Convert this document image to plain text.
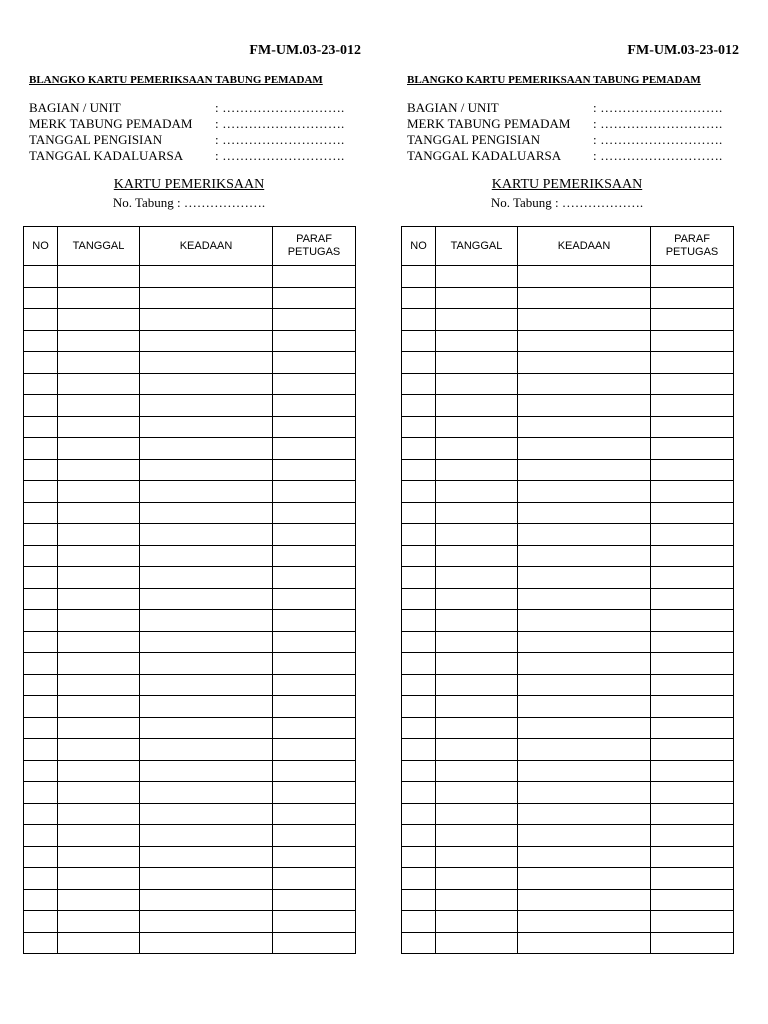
FM-UM.03-23-012
BLANGKO KARTU PEMERIKSAAN TABUNG PEMADAM
BAGIAN / UNIT	: ……………………….
MERK TABUNG PEMADAM	: ……………………….
TANGGAL PENGISIAN	: ……………………….
TANGGAL KADALUARSA	: ……………………….
KARTU PEMERIKSAAN
No. Tabung : ……………….
NO	TANGGAL	KEADAAN	PARAF PETUGAS

FM-UM.03-23-012
BLANGKO KARTU PEMERIKSAAN TABUNG PEMADAM
BAGIAN / UNIT	: ……………………….
MERK TABUNG PEMADAM	: ……………………….
TANGGAL PENGISIAN	: ……………………….
TANGGAL KADALUARSA	: ……………………….
KARTU PEMERIKSAAN
No. Tabung : ……………….
NO	TANGGAL	KEADAAN	PARAF PETUGAS
